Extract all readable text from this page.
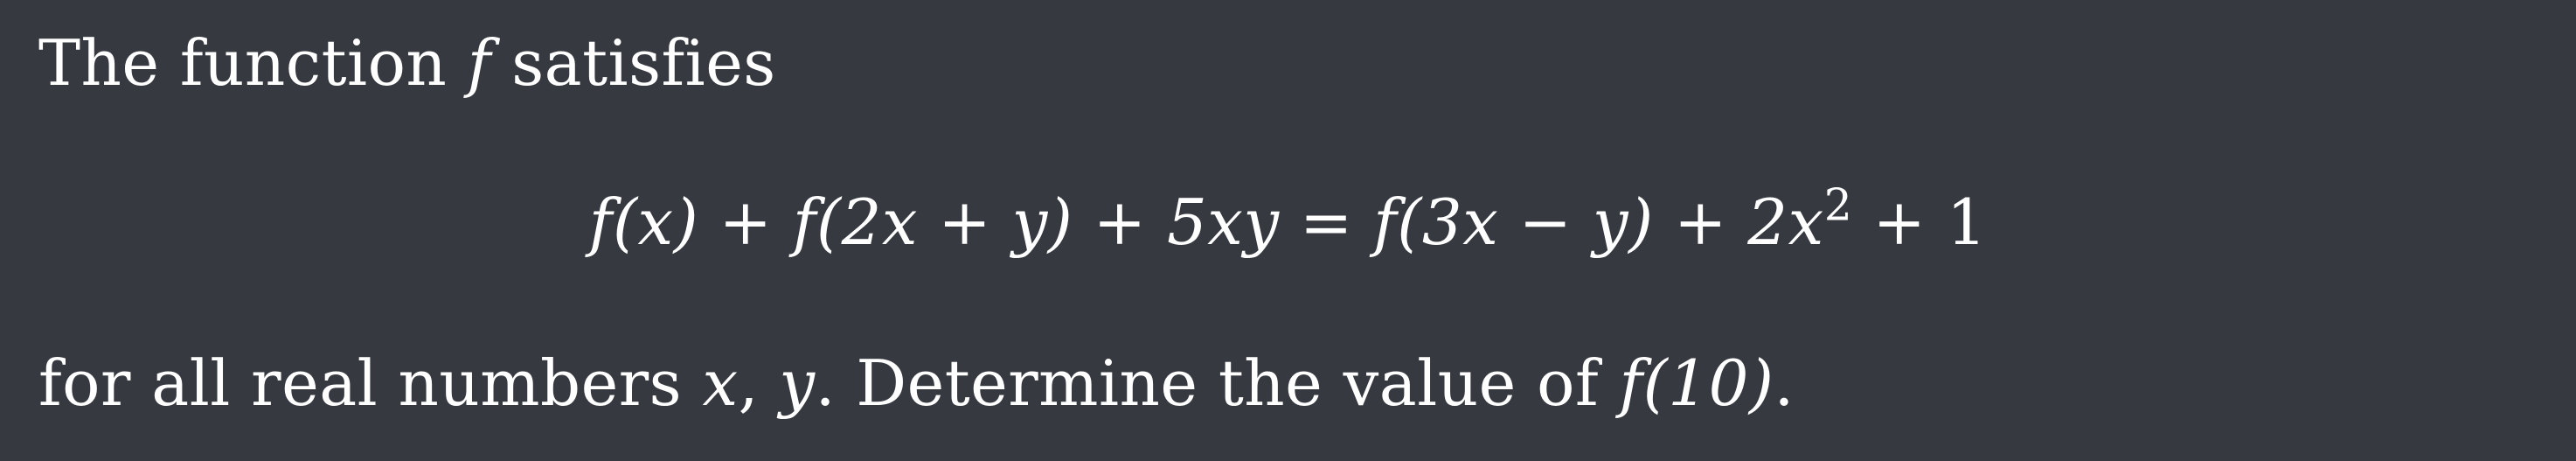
The function f satisfies
$f(x) + f(2x + y) + 5xy = f(3x - y) + 2x^2 + 1$
for all real numbers x, y. Determine the value of f(10).
